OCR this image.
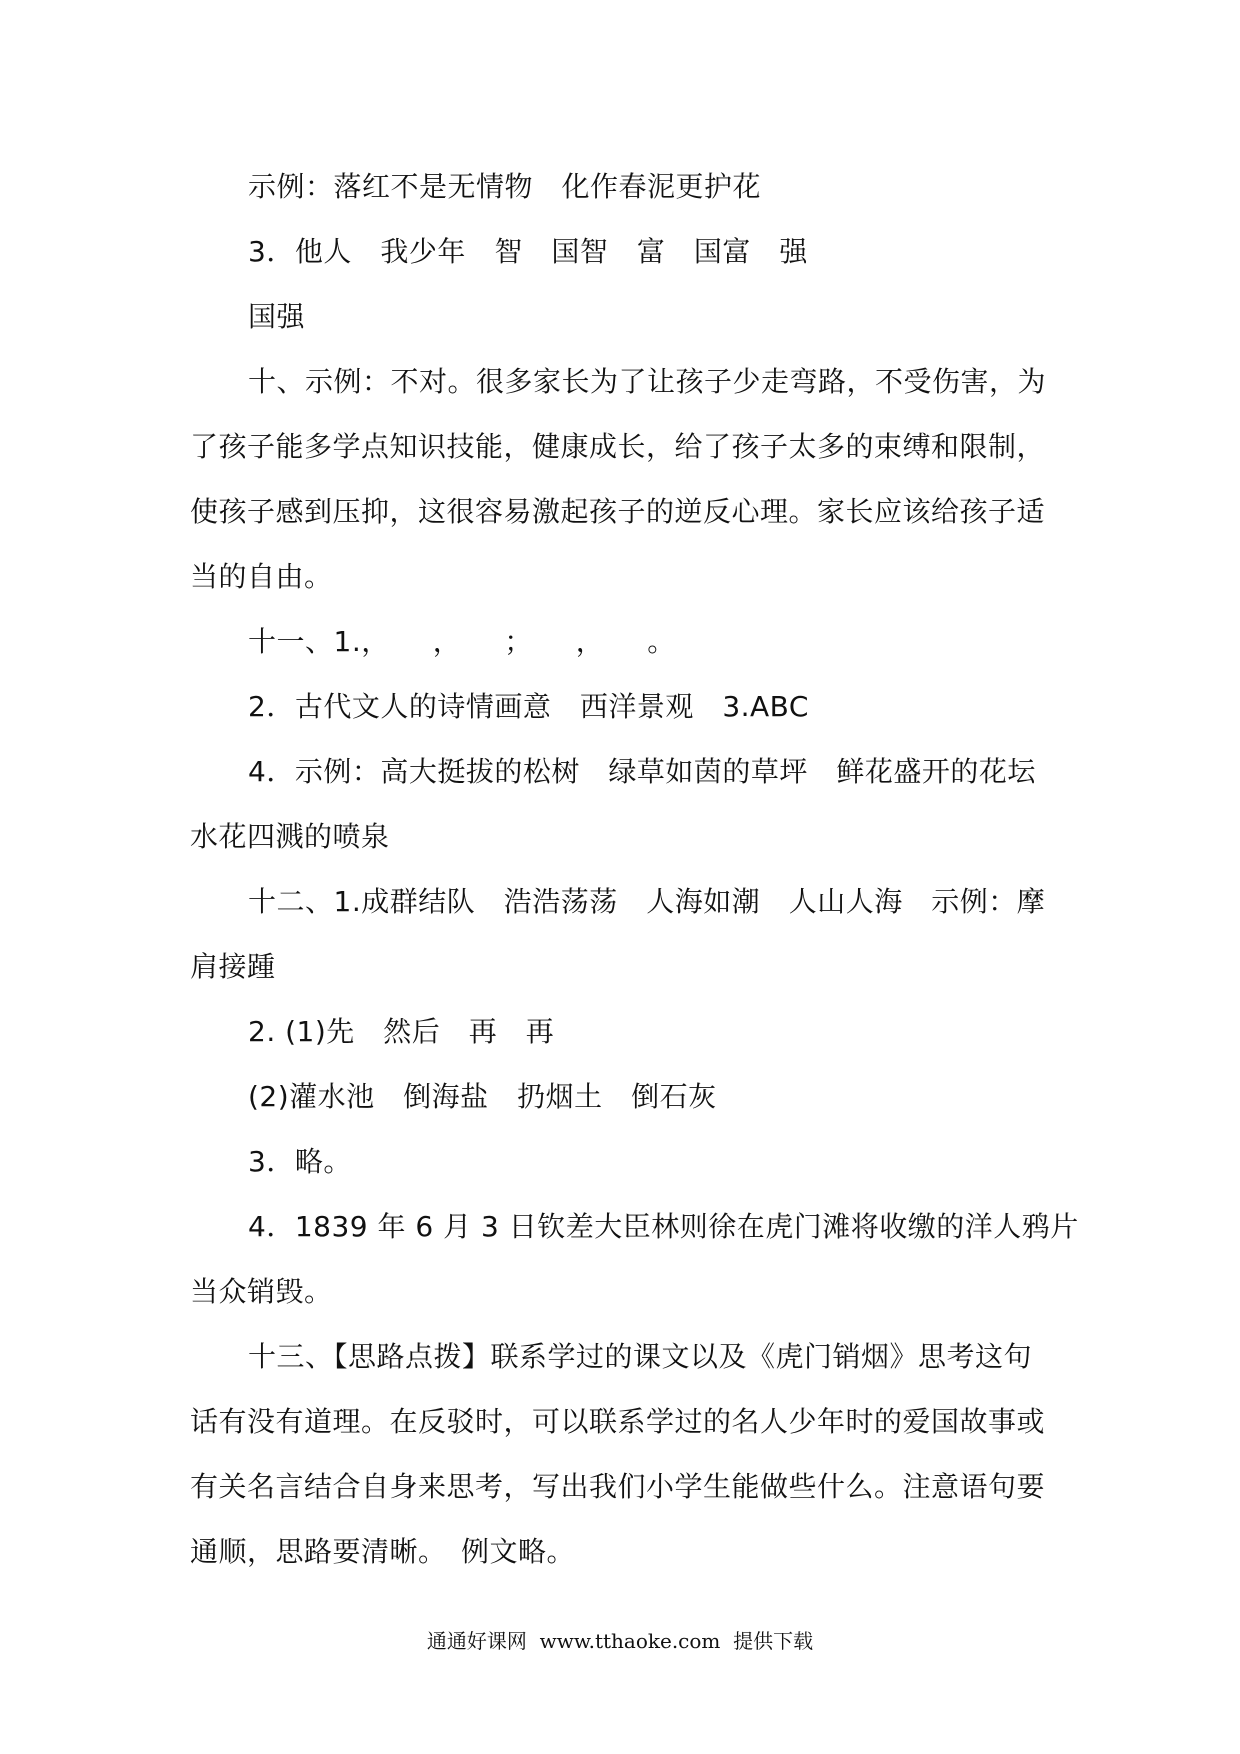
示例：落红不是无情物　化作春泥更护花

3．他人　我少年　智　国智　富　国富　强

国强

十、示例：不对。很多家长为了让孩子少走弯路，不受伤害，为

了孩子能多学点知识技能，健康成长，给了孩子太多的束缚和限制，

使孩子感到压抑，这很容易激起孩子的逆反心理。家长应该给孩子适

当的自由。

十一、1.，　　，　　；　　，　　。

2．古代文人的诗情画意　西洋景观　3.ABC

4．示例：高大挺拔的松树　绿草如茵的草坪　鲜花盛开的花坛

水花四溅的喷泉

十二、1.成群结队　浩浩荡荡　人海如潮　人山人海　示例：摩

肩接踵

2. (1)先　然后　再　再

(2)灌水池　倒海盐　扔烟土　倒石灰

3．略。

4．1839 年 6 月 3 日钦差大臣林则徐在虎门滩将收缴的洋人鸦片

当众销毁。

十三、【思路点拨】联系学过的课文以及《虎门销烟》思考这句

话有没有道理。在反驳时，可以联系学过的名人少年时的爱国故事或

有关名言结合自身来思考，写出我们小学生能做些什么。注意语句要

通顺，思路要清晰。　例文略。

通通好课网  www.tthaoke.com  提供下载
